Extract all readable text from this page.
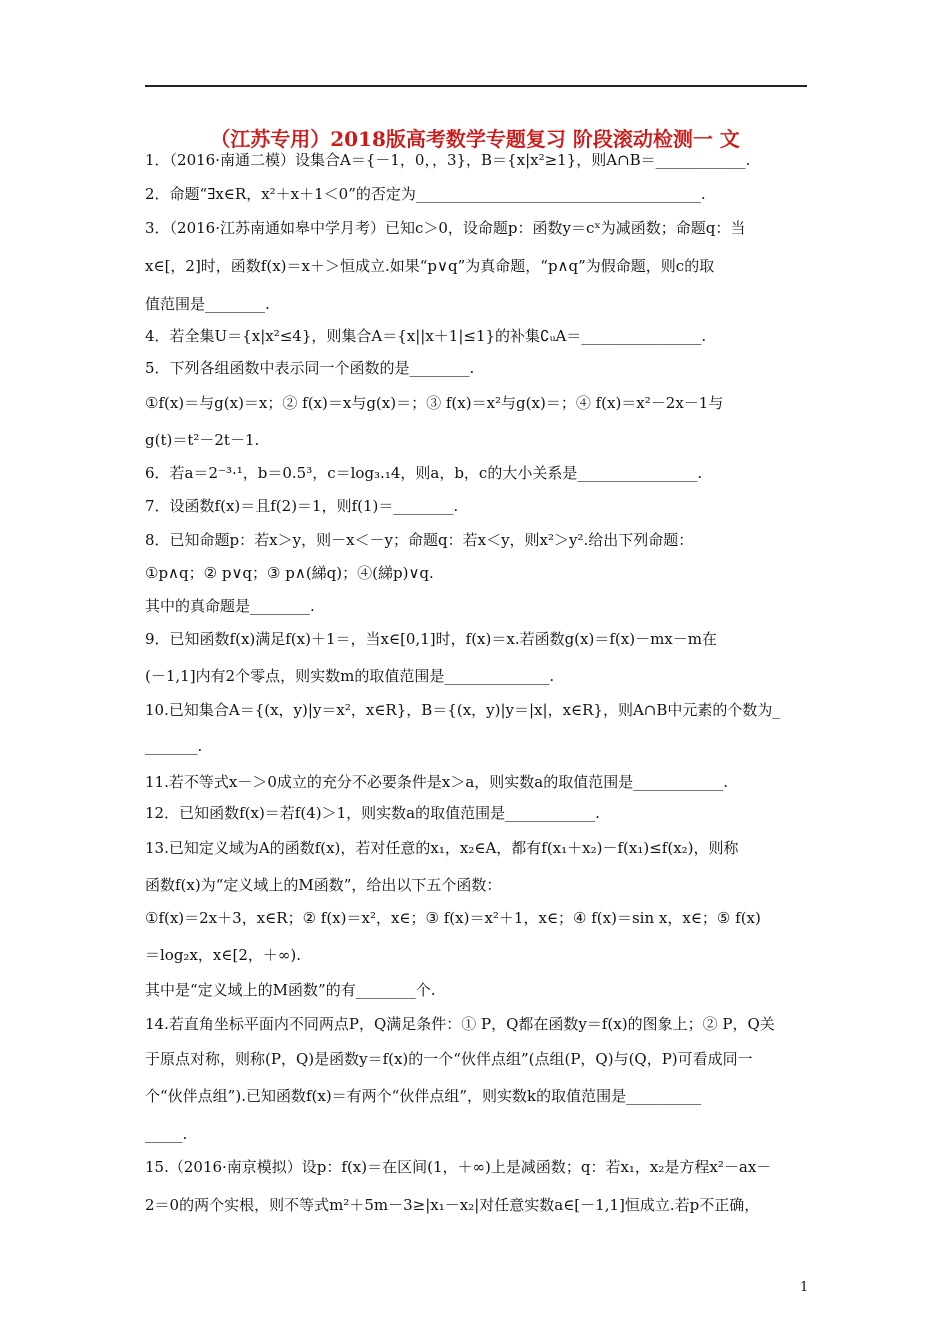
（江苏专用）2018版高考数学专题复习 阶段滚动检测一 文
1．（2016·南通二模）设集合A＝{－1，0，，3}，B＝{x|x²≥1}，则A∩B＝____________.
2．命题“∃x∈R，x²＋x＋1＜0”的否定为______________________________________.
3．（2016·江苏南通如皋中学月考）已知c＞0，设命题p：函数y＝cˣ为减函数；命题q：当
x∈[，2]时，函数f(x)＝x＋＞恒成立.如果“p∨q”为真命题，“p∧q”为假命题，则c的取
值范围是________.
4．若全集U＝{x|x²≤4}，则集合A＝{x||x＋1|≤1}的补集∁ᵤA＝________________.
5．下列各组函数中表示同一个函数的是________.
①f(x)＝与g(x)＝x；② f(x)＝x与g(x)＝；③ f(x)＝x²与g(x)＝；④ f(x)＝x²－2x－1与
g(t)＝t²－2t－1.
6．若a＝2⁻³·¹，b＝0.5³，c＝log₃.₁4，则a，b，c的大小关系是________________.
7．设函数f(x)＝且f(2)＝1，则f(1)＝________.
8．已知命题p：若x＞y，则－x＜－y；命题q：若x＜y，则x²＞y².给出下列命题：
①p∧q；② p∨q；③ p∧(綈q)；④(綈p)∨q.
其中的真命题是________.
9．已知函数f(x)满足f(x)＋1＝，当x∈[0,1]时，f(x)＝x.若函数g(x)＝f(x)－mx－m在
(－1,1]内有2个零点，则实数m的取值范围是______________.
10.已知集合A＝{(x，y)|y＝x²，x∈R}，B＝{(x，y)|y＝|x|，x∈R}，则A∩B中元素的个数为_
_______.
11.若不等式x－＞0成立的充分不必要条件是x＞a，则实数a的取值范围是____________.
12．已知函数f(x)＝若f(4)＞1，则实数a的取值范围是____________.
13.已知定义域为A的函数f(x)，若对任意的x₁，x₂∈A，都有f(x₁＋x₂)－f(x₁)≤f(x₂)，则称
函数f(x)为“定义域上的M函数”，给出以下五个函数：
①f(x)＝2x＋3，x∈R；② f(x)＝x²，x∈；③ f(x)＝x²＋1，x∈；④ f(x)＝sin x，x∈；⑤ f(x)
＝log₂x，x∈[2，＋∞).
其中是“定义域上的M函数”的有________个.
14.若直角坐标平面内不同两点P，Q满足条件：① P，Q都在函数y＝f(x)的图象上；② P，Q关
于原点对称，则称(P，Q)是函数y＝f(x)的一个“伙伴点组”(点组(P，Q)与(Q，P)可看成同一
个“伙伴点组”).已知函数f(x)＝有两个“伙伴点组”，则实数k的取值范围是__________
_____.
15.（2016·南京模拟）设p：f(x)＝在区间(1，＋∞)上是减函数；q：若x₁，x₂是方程x²－ax－
2＝0的两个实根，则不等式m²＋5m－3≥|x₁－x₂|对任意实数a∈[－1,1]恒成立.若p不正确，
1
